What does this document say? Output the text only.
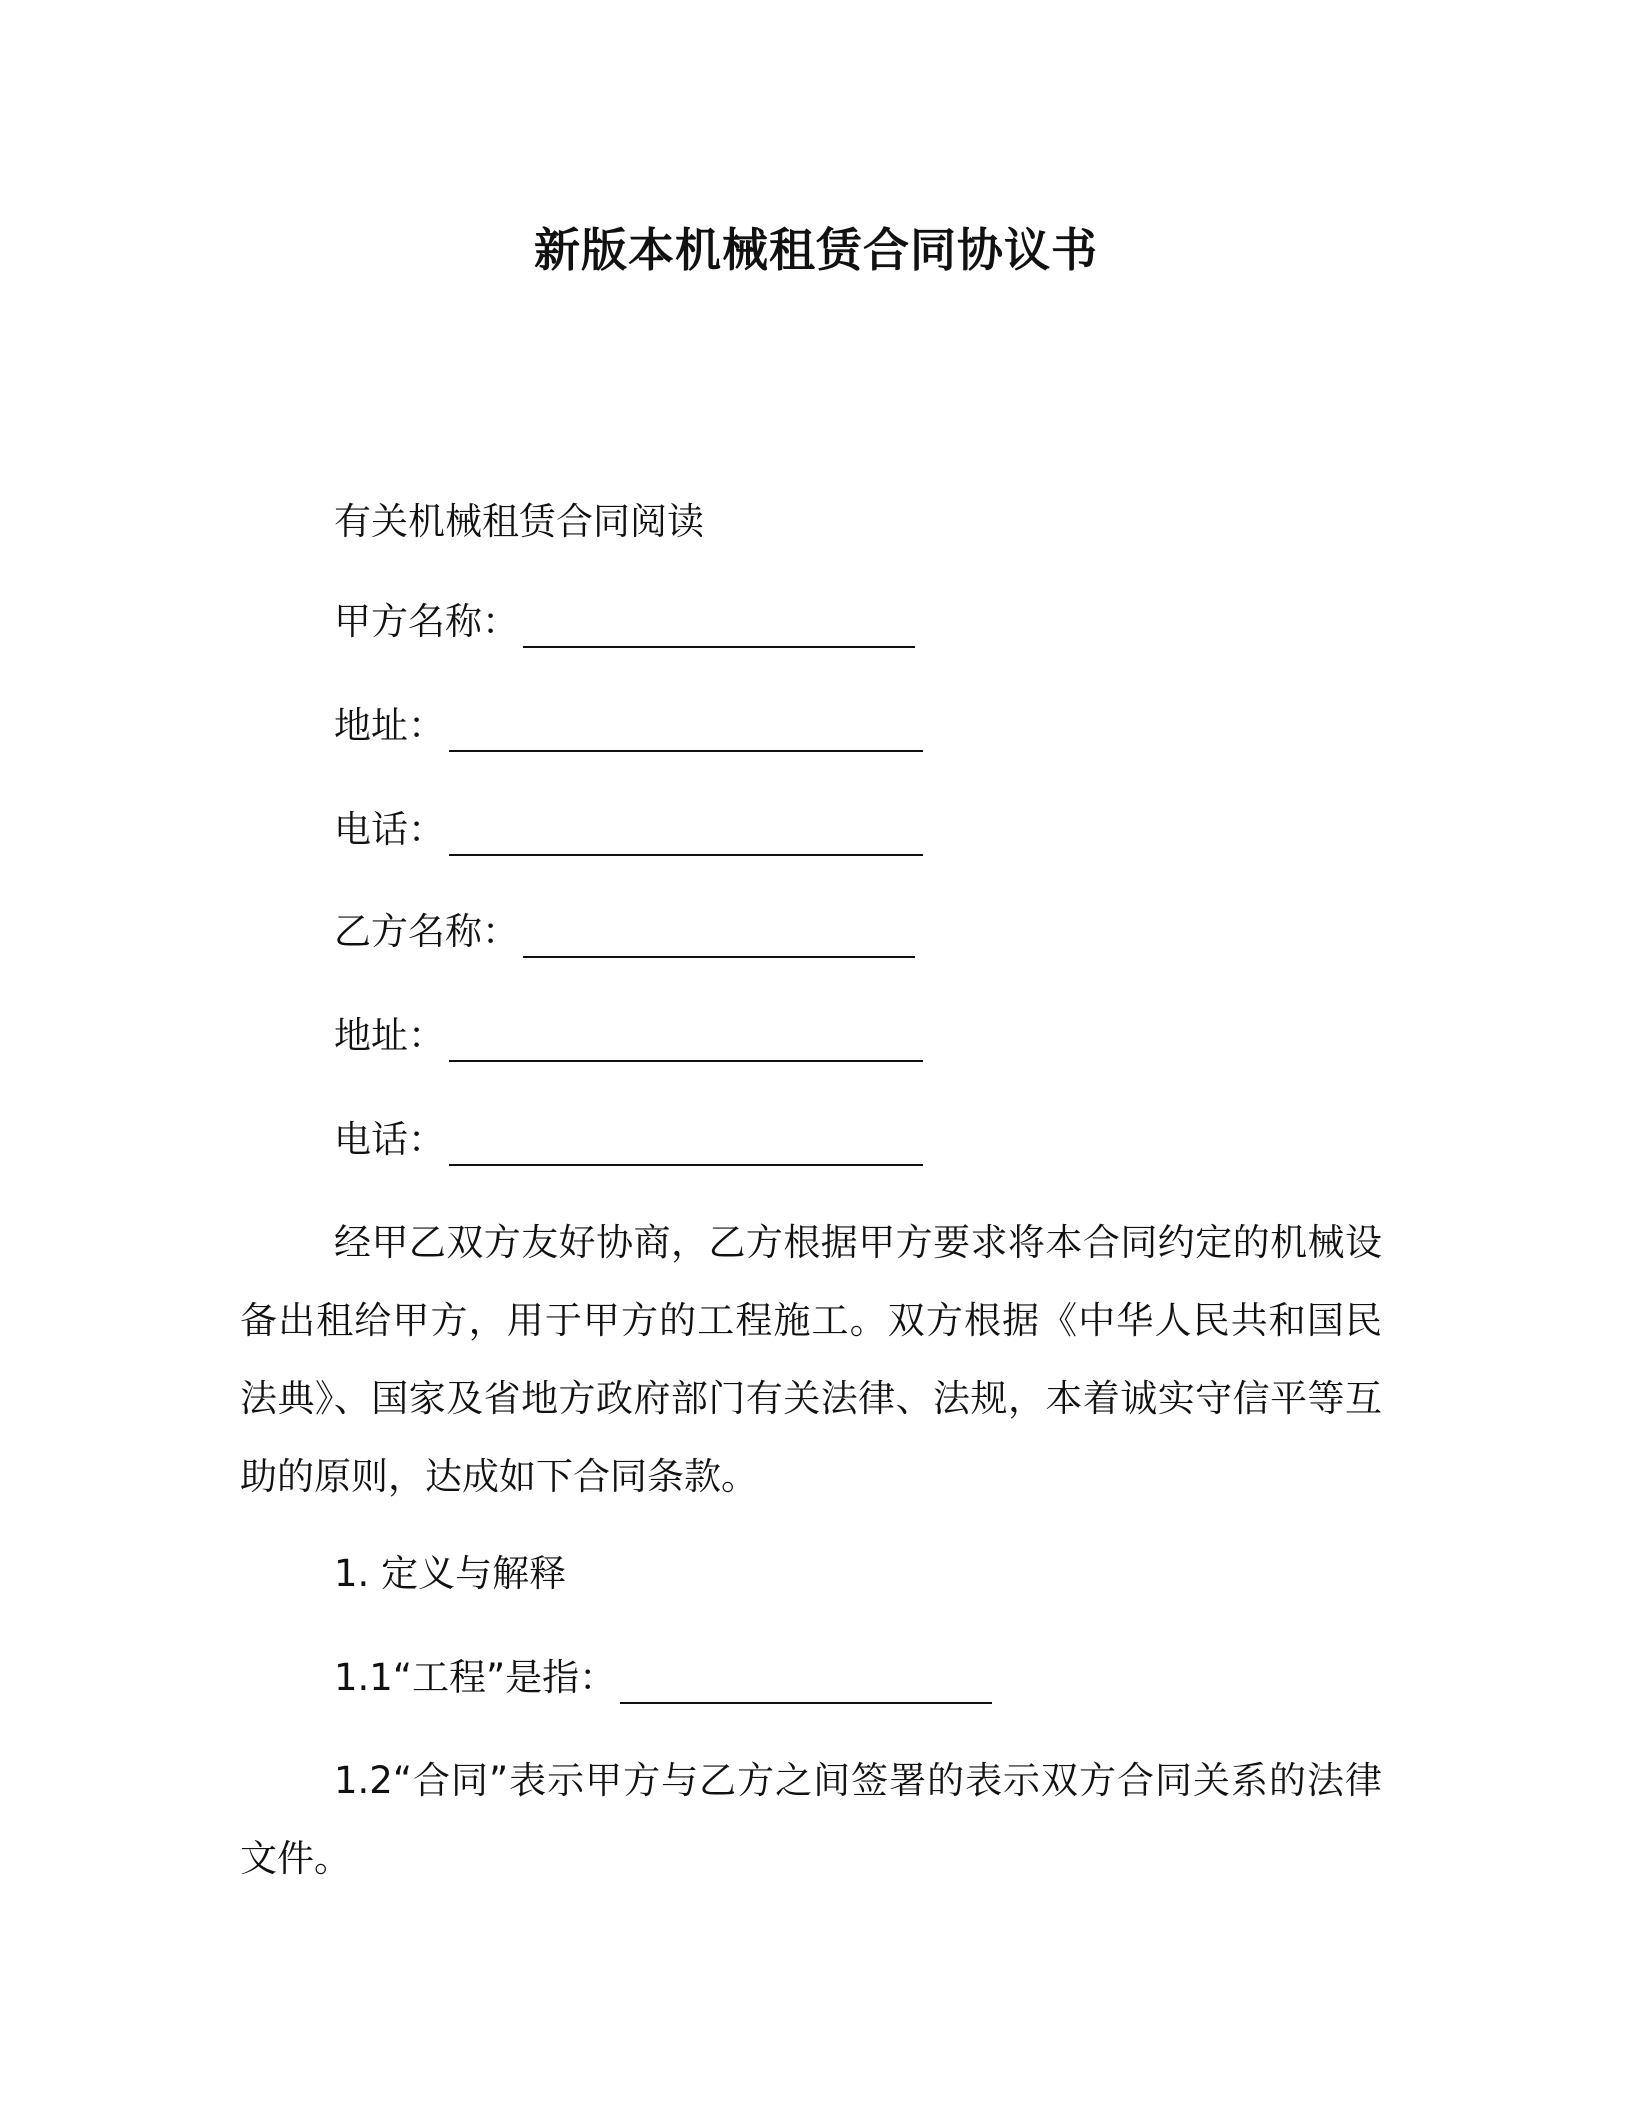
新版本机械租赁合同协议书
有关机械租赁合同阅读
甲方名称：
地址：
电话：
乙方名称：
地址：
电话：

经甲乙双方友好协商，乙方根据甲方要求将本合同约定的机械设备出租给甲方，用于甲方的工程施工。双方根据《中华人民共和国民法典》、国家及省地方政府部门有关法律、法规，本着诚实守信平等互助的原则，达成如下合同条款。

1. 定义与解释
1.1“工程”是指：

1.2“合同”表示甲方与乙方之间签署的表示双方合同关系的法律文件。
